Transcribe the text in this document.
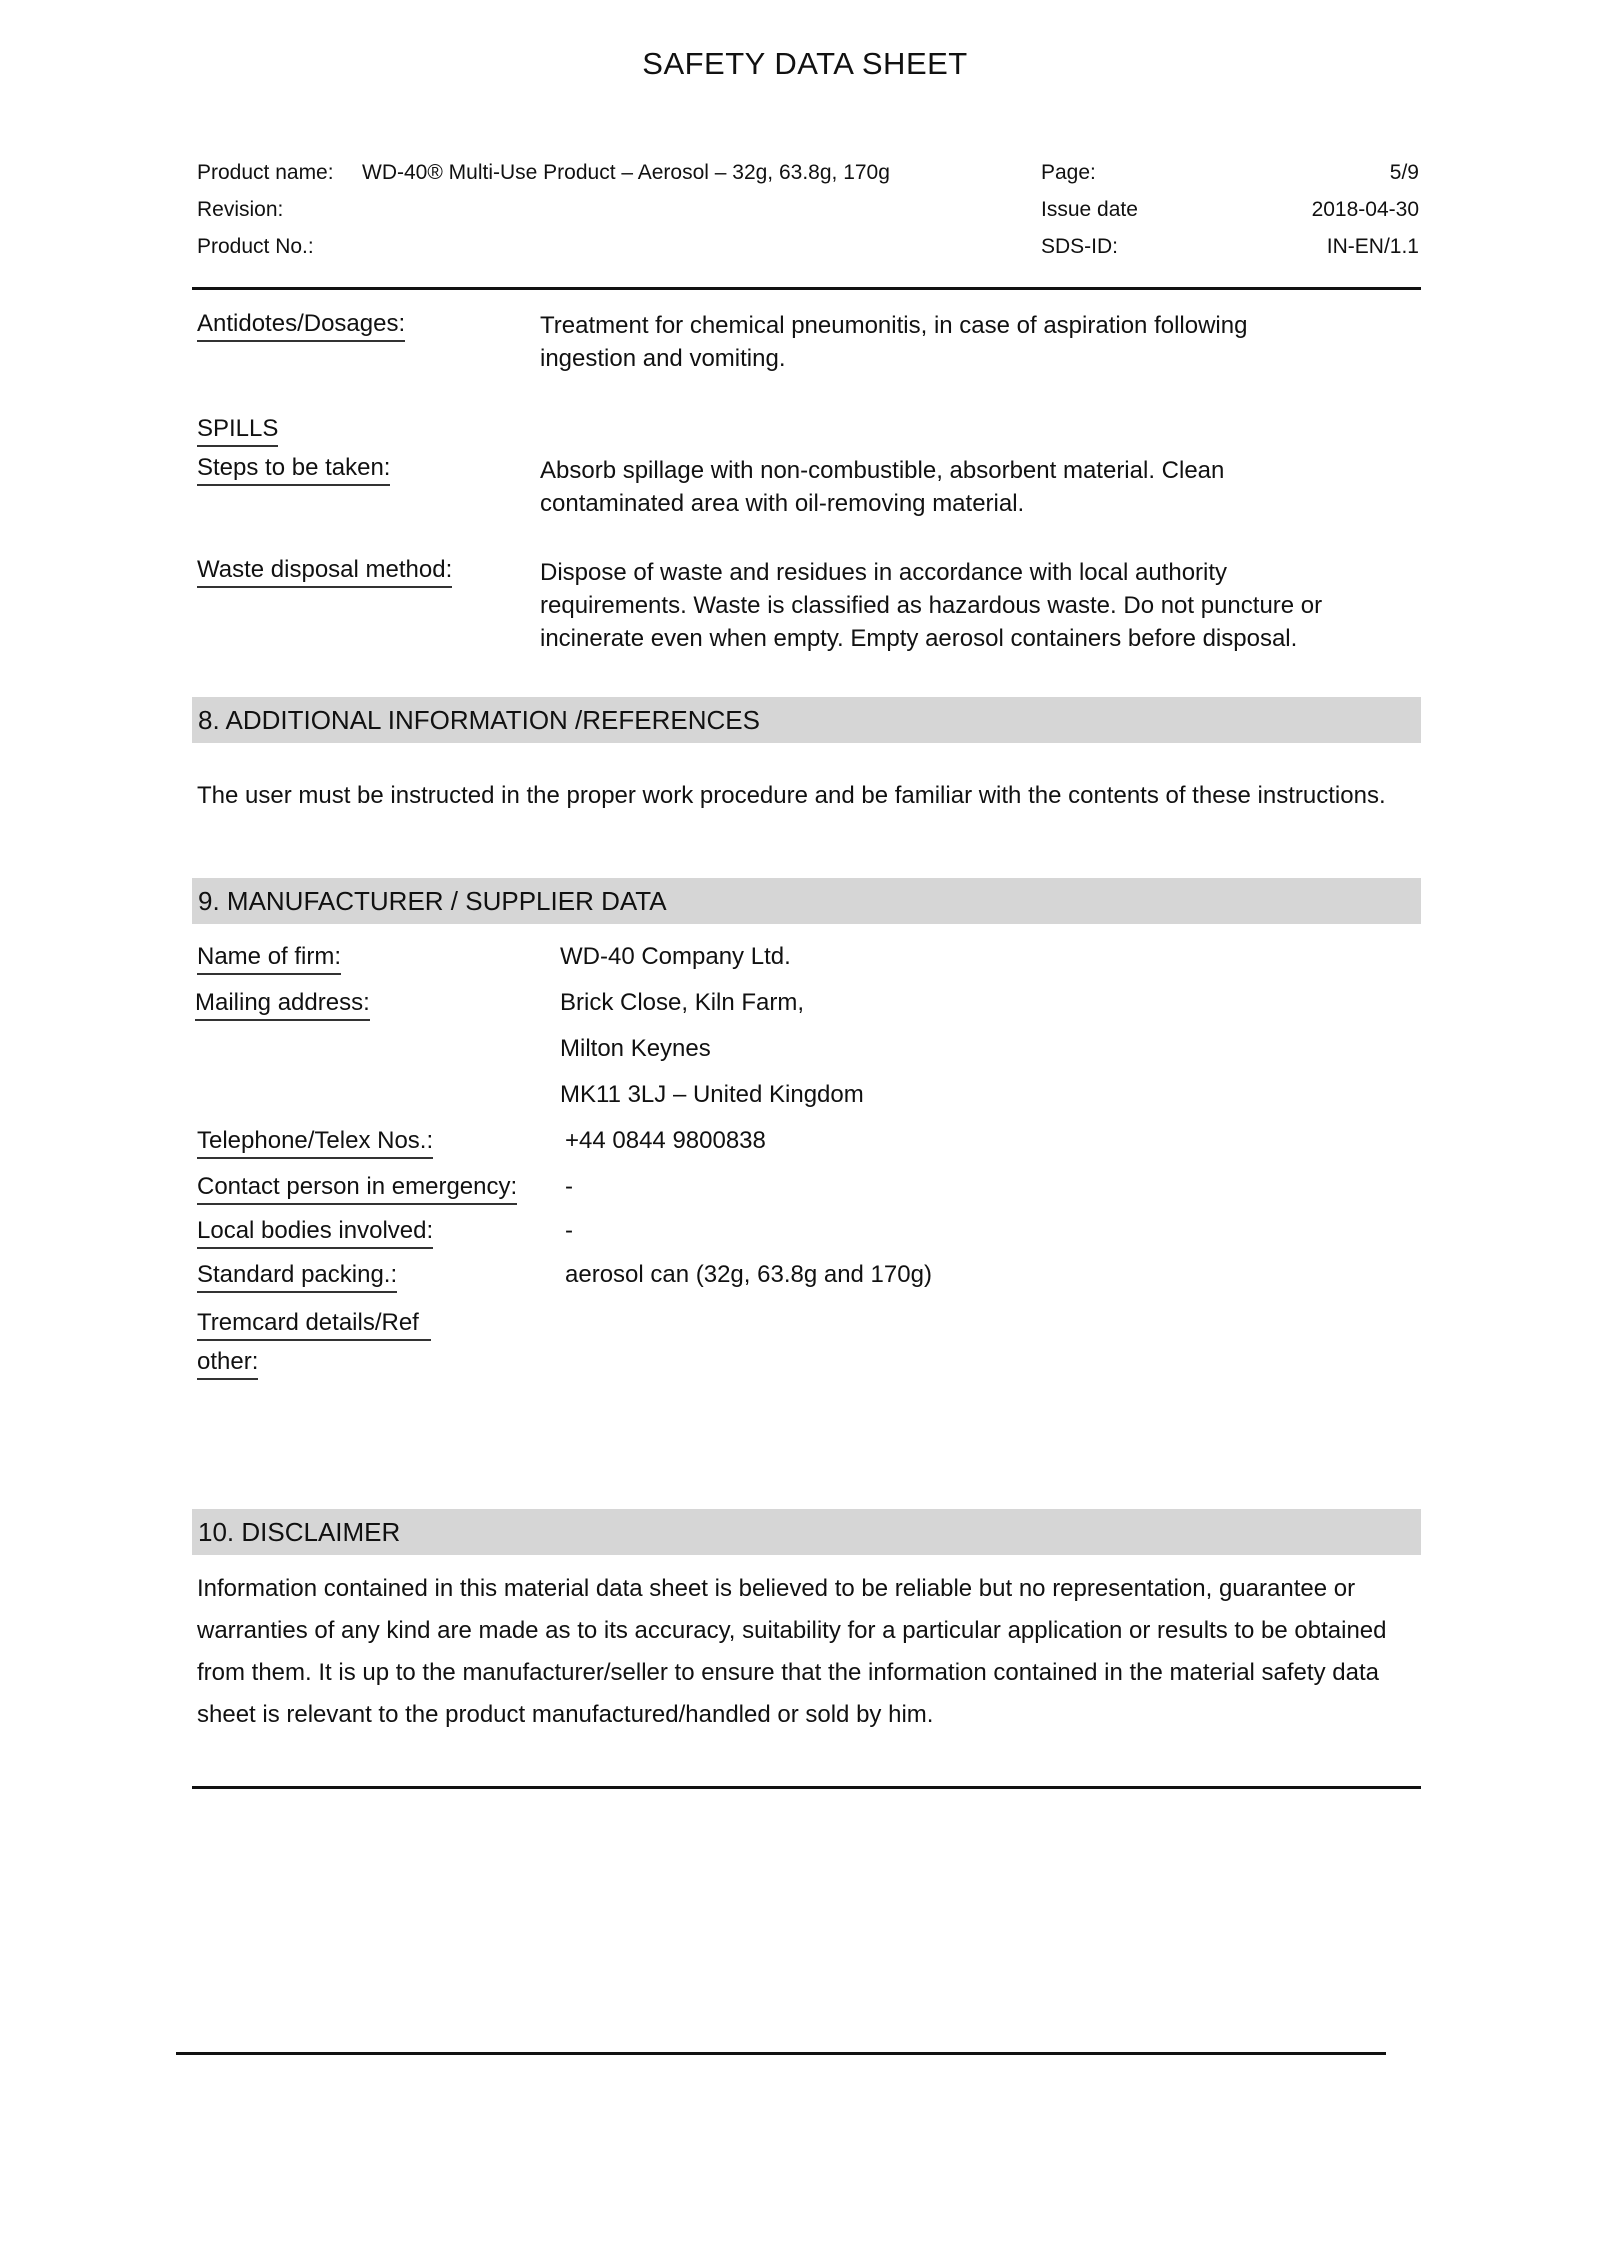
SAFETY DATA SHEET
Product name: WD-40® Multi-Use Product – Aerosol – 32g, 63.8g, 170g
Revision:
Product No.:
Page:	5/9
Issue date	2018-04-30
SDS-ID:	IN-EN/1.1
Antidotes/Dosages:	Treatment for chemical pneumonitis, in case of aspiration following ingestion and vomiting.
SPILLS
Steps to be taken:	Absorb spillage with non-combustible, absorbent material. Clean contaminated area with oil-removing material.
Waste disposal method:	Dispose of waste and residues in accordance with local authority requirements. Waste is classified as hazardous waste. Do not puncture or incinerate even when empty. Empty aerosol containers before disposal.
8. ADDITIONAL INFORMATION /REFERENCES
The user must be instructed in the proper work procedure and be familiar with the contents of these instructions.
9. MANUFACTURER / SUPPLIER DATA
Name of firm:	WD-40 Company Ltd.
Mailing address:	Brick Close, Kiln Farm,
Milton Keynes
MK11 3LJ – United Kingdom
Telephone/Telex Nos.:	+44 0844 9800838
Contact person in emergency: -
Local bodies involved:	-
Standard packing.:	aerosol can (32g, 63.8g and 170g)
Tremcard details/Ref
other:
10. DISCLAIMER
Information contained in this material data sheet is believed to be reliable but no representation, guarantee or warranties of any kind are made as to its accuracy, suitability for a particular application or results to be obtained from them. It is up to the manufacturer/seller to ensure that the information contained in the material safety data sheet is relevant to the product manufactured/handled or sold by him.
